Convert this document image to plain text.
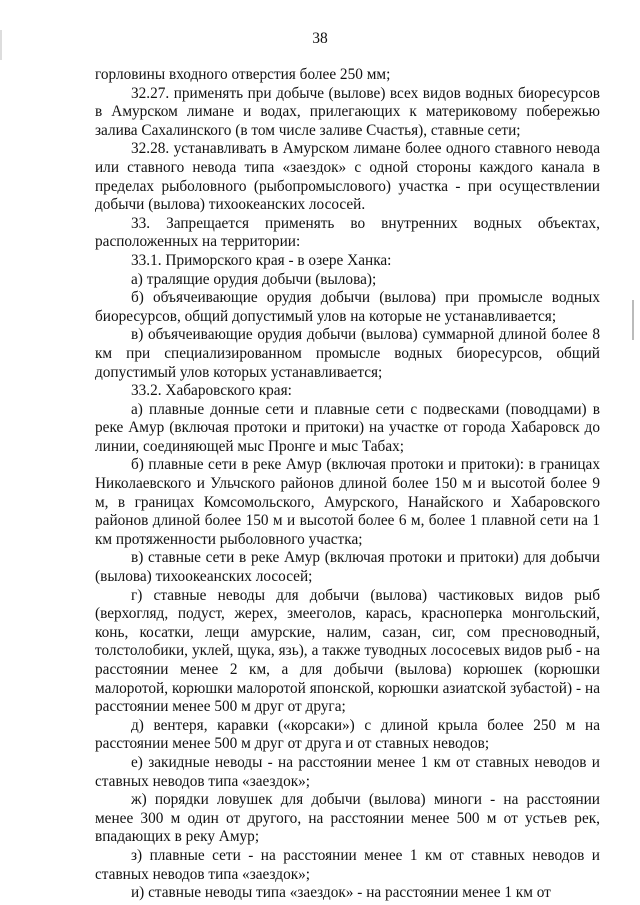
38

горловины входного отверстия более 250 мм;

32.27. применять при добыче (вылове) всех видов водных биоресурсов в Амурском лимане и водах, прилегающих к материковому побережью залива Сахалинского (в том числе заливе Счастья), ставные сети;

32.28. устанавливать в Амурском лимане более одного ставного невода или ставного невода типа «заездок» с одной стороны каждого канала в пределах рыболовного (рыбопромыслового) участка - при осуществлении добычи (вылова) тихоокеанских лососей.

33. Запрещается применять во внутренних водных объектах, расположенных на территории:

33.1. Приморского края - в озере Ханка:

а) тралящие орудия добычи (вылова);

б) объячеивающие орудия добычи (вылова) при промысле водных биоресурсов, общий допустимый улов на которые не устанавливается;

в) объячеивающие орудия добычи (вылова) суммарной длиной более 8 км при специализированном промысле водных биоресурсов, общий допустимый улов которых устанавливается;

33.2. Хабаровского края:

а) плавные донные сети и плавные сети с подвесками (поводцами) в реке Амур (включая протоки и притоки) на участке от города Хабаровск до линии, соединяющей мыс Пронге и мыс Табах;

б) плавные сети в реке Амур (включая протоки и притоки): в границах Николаевского и Ульчского районов длиной более 150 м и высотой более 9 м, в границах Комсомольского, Амурского, Нанайского и Хабаровского районов длиной более 150 м и высотой более 6 м, более 1 плавной сети на 1 км протяженности рыболовного участка;

в) ставные сети в реке Амур (включая протоки и притоки) для добычи (вылова) тихоокеанских лососей;

г) ставные неводы для добычи (вылова) частиковых видов рыб (верхогляд, подуст, жерех, змееголов, карась, красноперка монгольский, конь, косатки, лещи амурские, налим, сазан, сиг, сом пресноводный, толстолобики, уклей, щука, язь), а также туводных лососевых видов рыб - на расстоянии менее 2 км, а для добычи (вылова) корюшек (корюшки малоротой, корюшки малоротой японской, корюшки азиатской зубастой) - на расстоянии менее 500 м друг от друга;

д) вентеря, каравки («корсаки») с длиной крыла более 250 м на расстоянии менее 500 м друг от друга и от ставных неводов;

е) закидные неводы - на расстоянии менее 1 км от ставных неводов и ставных неводов типа «заездок»;

ж) порядки ловушек для добычи (вылова) миноги - на расстоянии менее 300 м один от другого, на расстоянии менее 500 м от устьев рек, впадающих в реку Амур;

з) плавные сети - на расстоянии менее 1 км от ставных неводов и ставных неводов типа «заездок»;

и) ставные неводы типа «заездок» - на расстоянии менее 1 км от
